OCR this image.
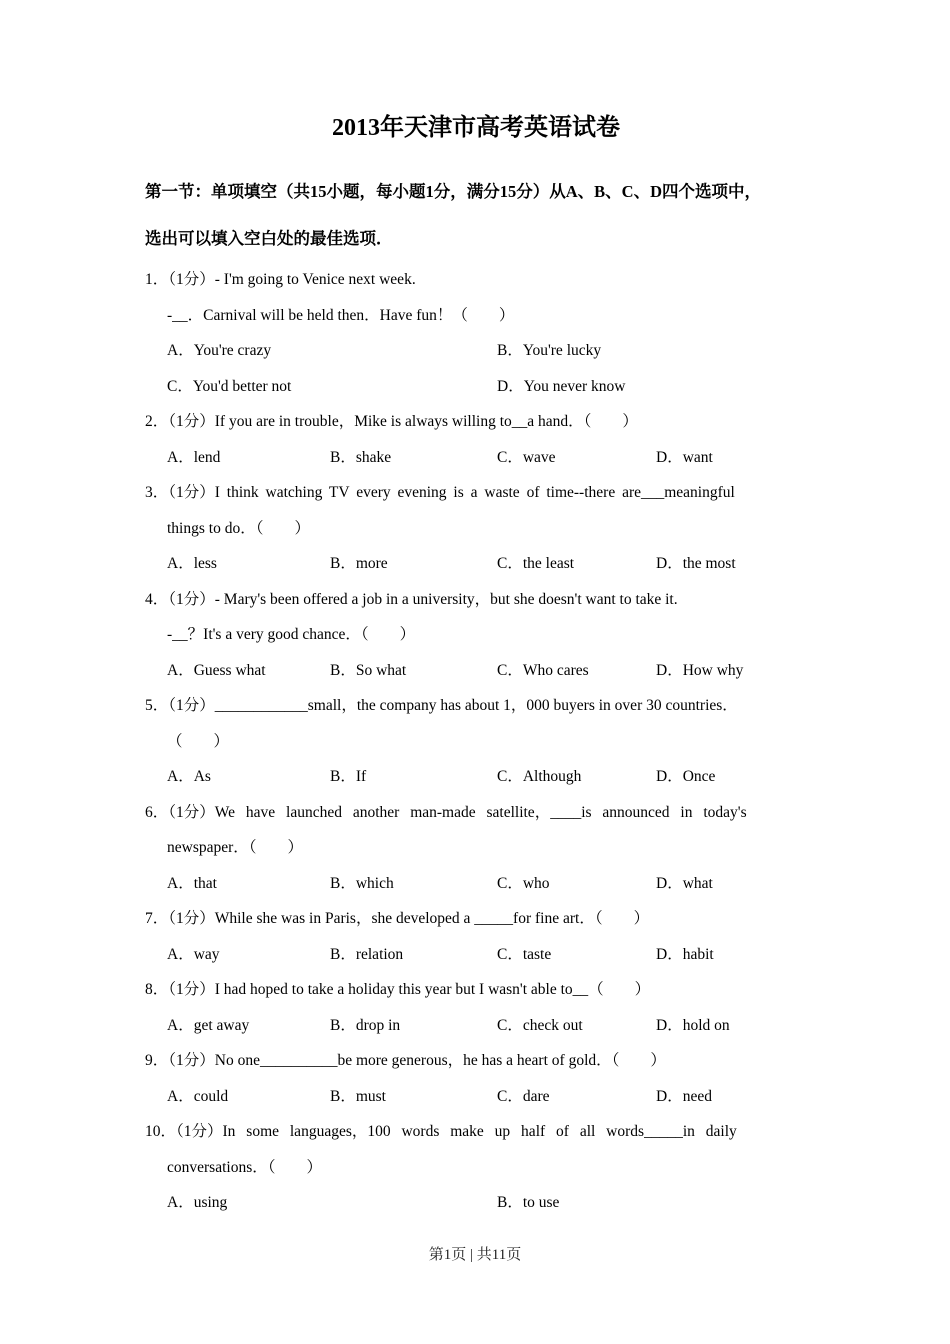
2013年天津市高考英语试卷
第一节：单项填空（共15小题，每小题1分，满分15分）从A、B、C、D四个选项中，
选出可以填入空白处的最佳选项．
1．（1分）- I'm going to Venice next week.
-__．Carnival will be held then．Have fun！（　　）
A．You're crazy	B．You're lucky
C．You'd better not	D．You never know
2．（1分）If you are in trouble，Mike is always willing to__a hand．（　　）
A．lend	B．shake	C．wave	D．want
3．（1分）I think watching TV every evening is a waste of time--there are___meaningful
things to do．（　　）
A．less	B．more	C．the least	D．the most
4．（1分）- Mary's been offered a job in a university，but she doesn't want to take it.
-__？It's a very good chance．（　　）
A．Guess what	B．So what	C．Who cares	D．How why
5．（1分）____________small，the company has about 1，000 buyers in over 30 countries．
（　　）
A．As	B．If	C．Although	D．Once
6．（1分）We have launched another man-made satellite，____is announced in today's
newspaper．（　　）
A．that	B．which	C．who	D．what
7．（1分）While she was in Paris，she developed a _____for fine art．（　　）
A．way	B．relation	C．taste	D．habit
8．（1分）I had hoped to take a holiday this year but I wasn't able to__（　　）
A．get away	B．drop in	C．check out	D．hold on
9．（1分）No one__________be more generous，he has a heart of gold．（　　）
A．could	B．must	C．dare	D．need
10．（1分）In some languages，100 words make up half of all words_____in daily
conversations．（　　）
A．using	B．to use
第1页 | 共11页
